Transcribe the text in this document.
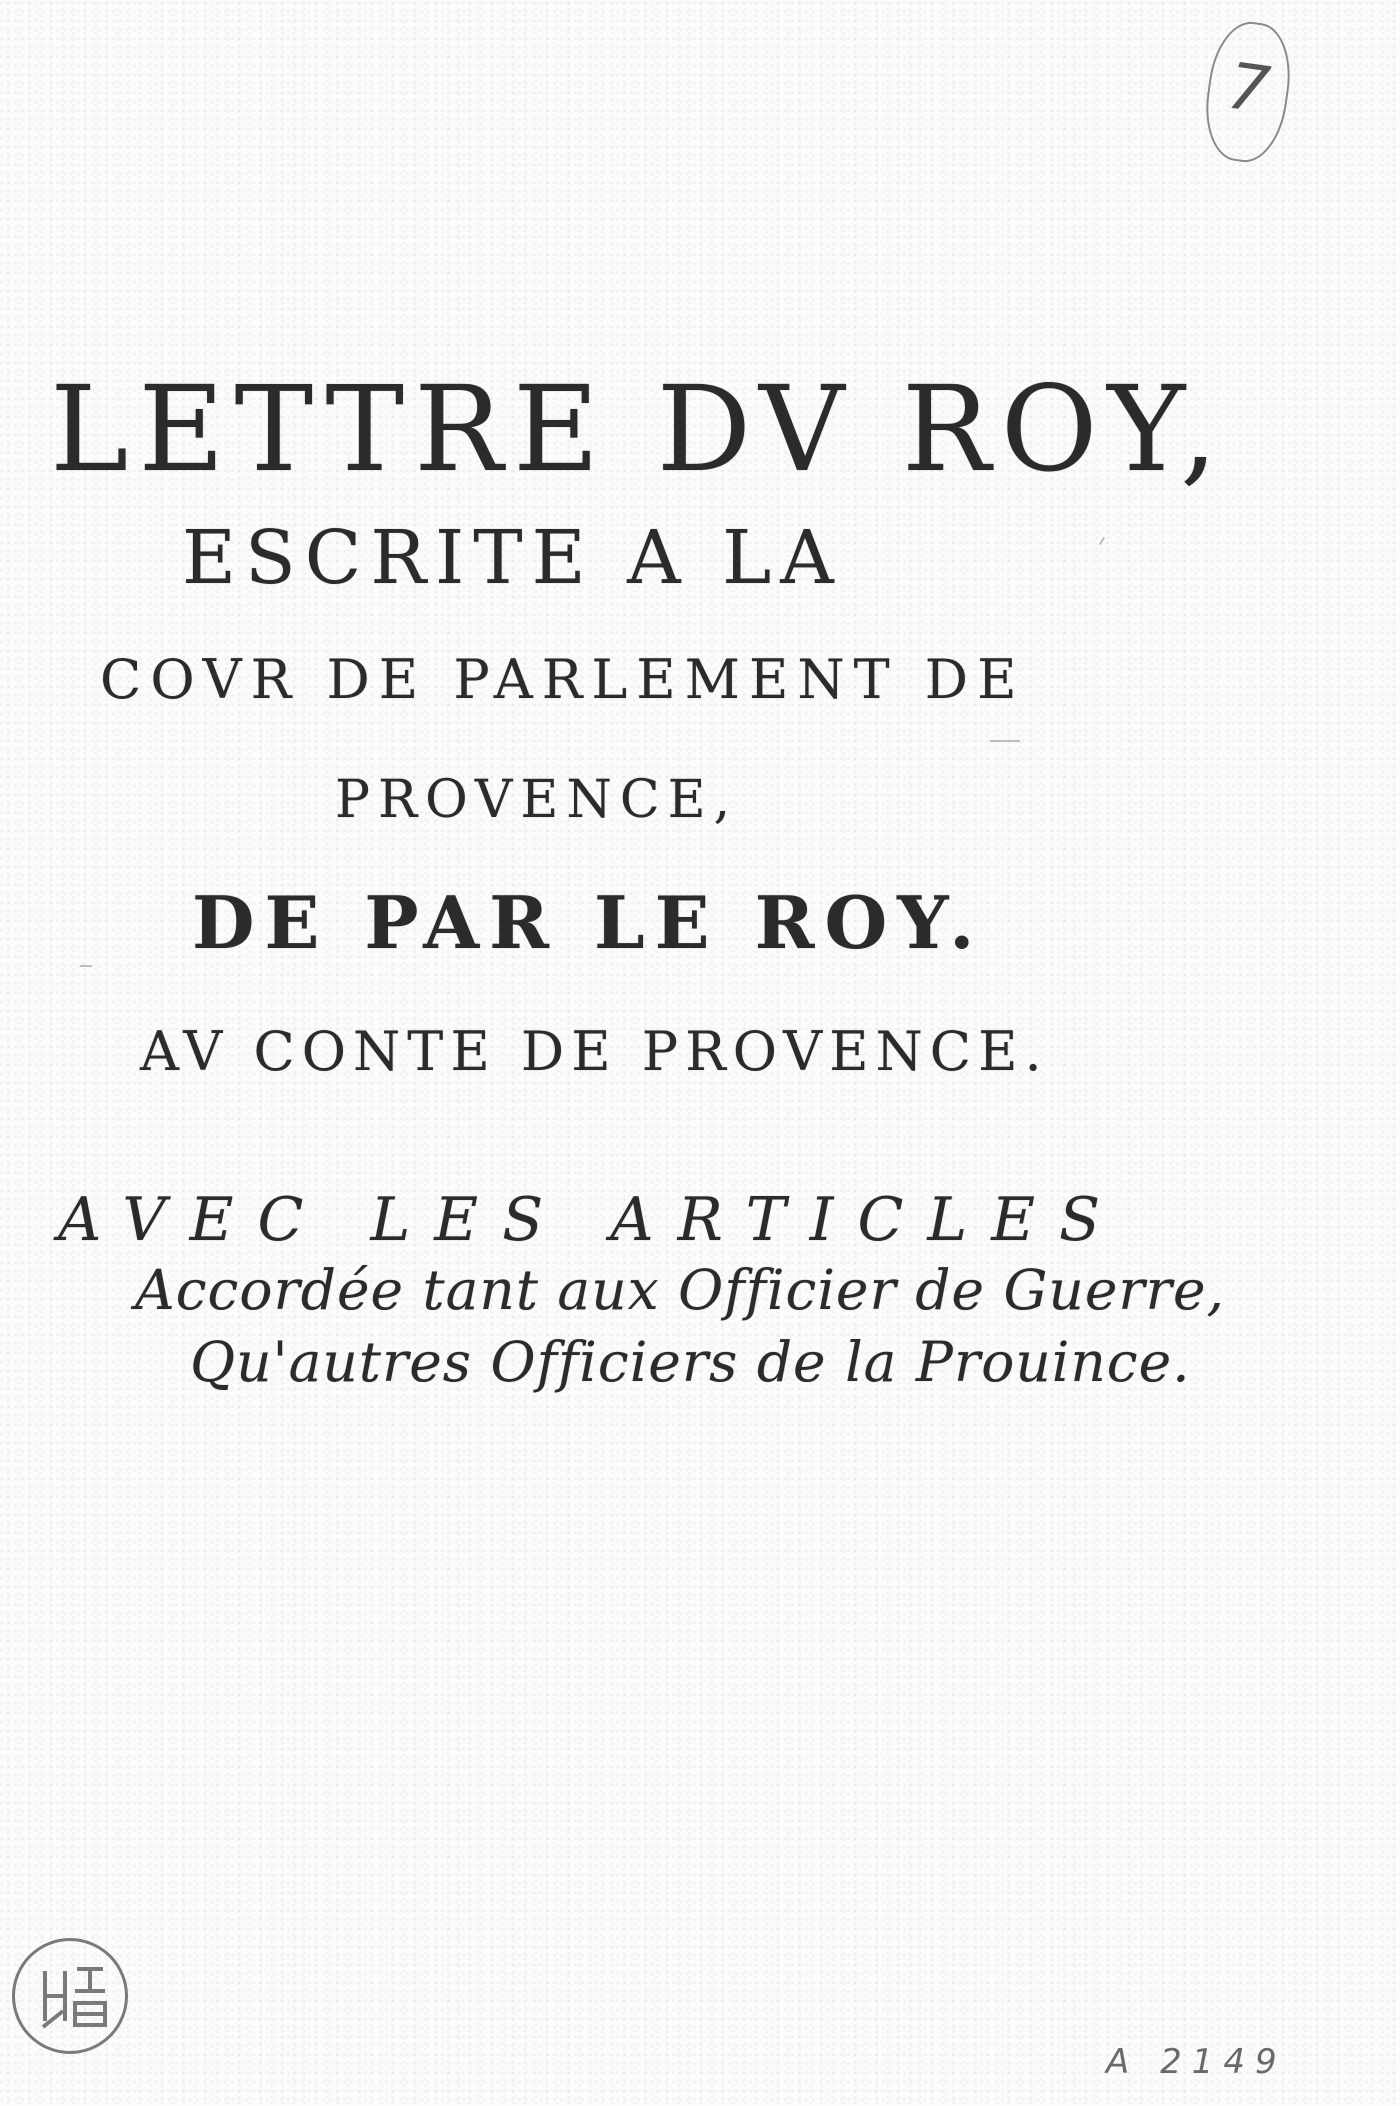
7
LETTRE DV ROY,
ESCRITE A LA
COVR DE PARLEMENT DE
PROVENCE,
DE PAR LE ROY.
AV CONTE DE PROVENCE.
AVEC LES ARTICLES
Accordée tant aux Officier de Guerre,
Qu'autres Officiers de la Prouince.
A 2149
